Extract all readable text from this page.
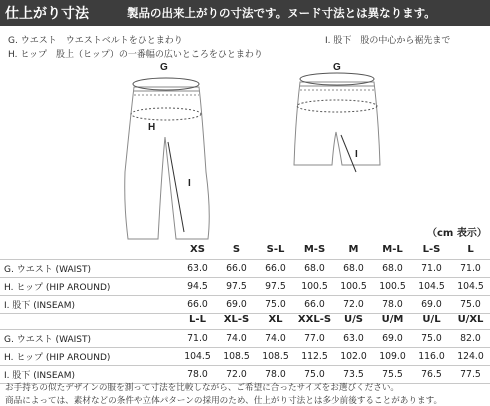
仕上がり寸法	製品の出来上がりの寸法です。ヌード寸法とは異なります。
G. ウエスト　ウエストベルトをひとまわり
H. ヒップ　股上（ヒップ）の一番幅の広いところをひとまわり
I. 股下　股の中心から裾先まで
G
H
I
G
I
（cm 表示）
	XS	S	S-L	M-S	M	M-L	L-S	L
G. ウエスト (WAIST)	63.0	66.0	66.0	68.0	68.0	68.0	71.0	71.0
H. ヒップ (HIP AROUND)	94.5	97.5	97.5	100.5	100.5	100.5	104.5	104.5
I. 股下 (INSEAM)	66.0	69.0	75.0	66.0	72.0	78.0	69.0	75.0
	L-L	XL-S	XL	XXL-S	U/S	U/M	U/L	U/XL
G. ウエスト (WAIST)	71.0	74.0	74.0	77.0	63.0	69.0	75.0	82.0
H. ヒップ (HIP AROUND)	104.5	108.5	108.5	112.5	102.0	109.0	116.0	124.0
I. 股下 (INSEAM)	78.0	72.0	78.0	75.0	73.5	75.5	76.5	77.5
お手持ちの似たデザインの服を測って寸法を比較しながら、ご希望に合ったサイズをお選びください。
商品によっては、素材などの条件や立体パターンの採用のため、仕上がり寸法とは多少前後することがあります。
